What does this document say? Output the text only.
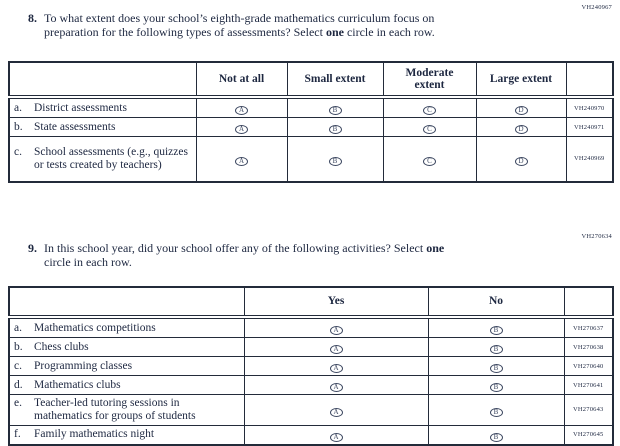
VH240967
8. To what extent does your school’s eighth-grade mathematics curriculum focus on
preparation for the following types of assessments? Select one circle in each row.
	Not at all	Small extent	Moderate extent	Large extent	

a. District assessments	A	B	C	D	VH240970

b. State assessments	A	B	C	D	VH240971

c. School assessments (e.g., quizzes or tests created by teachers)	A	B	C	D	VH240969
VH270634
9. In this school year, did your school offer any of the following activities? Select one
circle in each row.
	Yes	No	

a. Mathematics competitions	A	B	VH270637

b. Chess clubs	A	B	VH270638

c. Programming classes	A	B	VH270640

d. Mathematics clubs	A	B	VH270641

e. Teacher-led tutoring sessions in mathematics for groups of students	A	B	VH270643

f. Family mathematics night	A	B	VH270645
